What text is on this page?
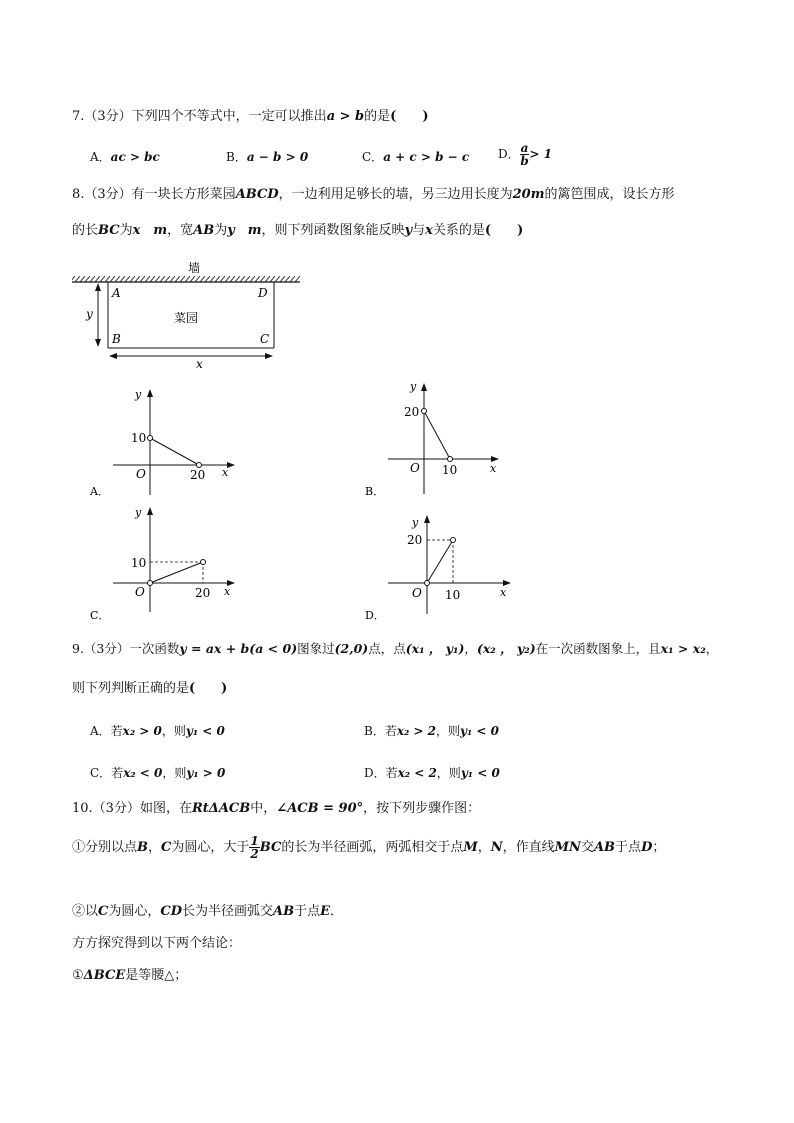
7.（3分）下列四个不等式中，一定可以推出a > b的是(　　)
A．ac > bc	B．a − b > 0	C．a + c > b − c D． $\frac{a}{b} > 1$
8.（3分）有一块长方形菜园ABCD，一边利用足够长的墙，另三边用长度为20m的篱笆围成，设长方形
的长BC为x　m，宽AB为y　m，则下列函数图象能反映y与x关系的是(　　)
墙
A
B	C
D
菜园
y
x
10
20
O	x
y
A．
20
10
O	x
y
B．
10
20
O	x
y
C．
20
10
O	x
y
D．
9.（3分）一次函数y = ax + b(a < 0)图象过(2,0)点，点(x₁ ， y₁)，(x₂ ， y₂)在一次函数图象上，且x₁ > x₂，
则下列判断正确的是(　　)
A．若x₂ > 0，则y₁ < 0	B．若x₂ > 2，则y₁ < 0
C．若x₂ < 0，则y₁ > 0	D．若x₂ < 2，则y₁ < 0
10.（3分）如图，在RtΔACB中，∠ACB = 90°，按下列步骤作图：
①分别以点B，C为圆心，大于 $\frac{1}{2}$ BC的长为半径画弧，两弧相交于点M，N，作直线MN交AB于点D；
②以C为圆心，CD长为半径画弧交AB于点E．
方方探究得到以下两个结论：
①ΔBCE是等腰△；
